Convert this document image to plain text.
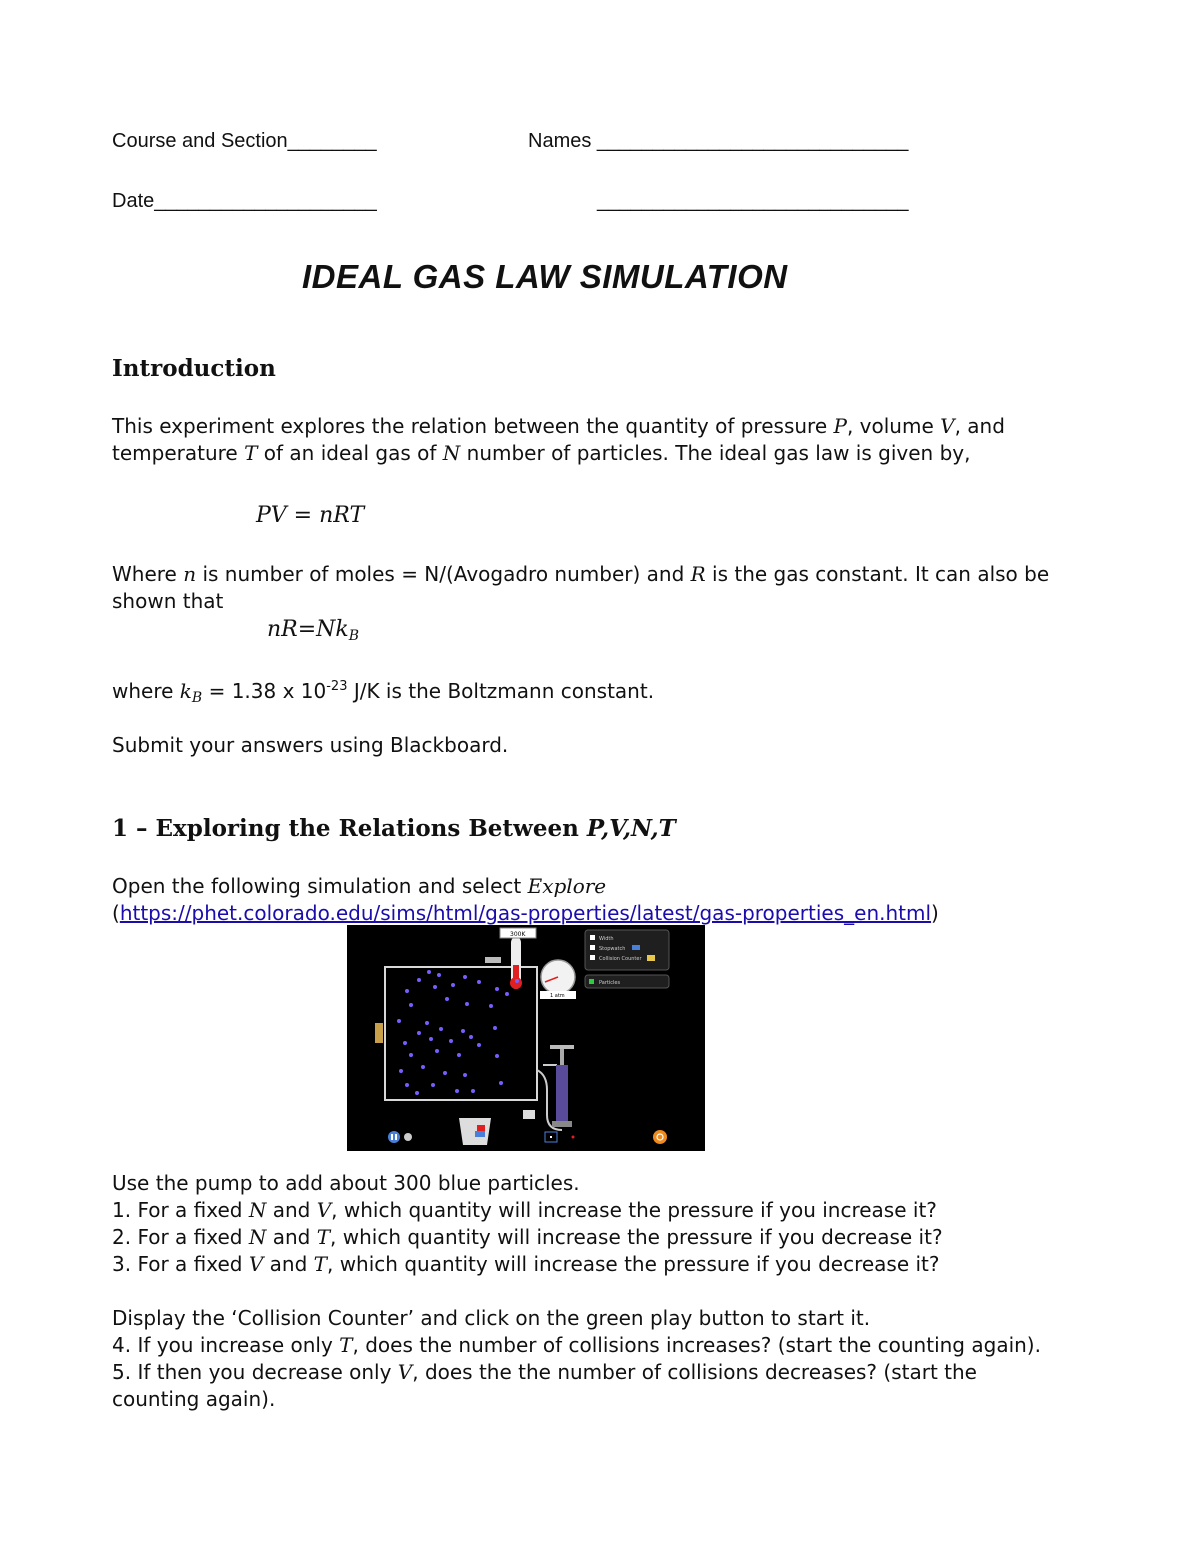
Course and Section________	Names ____________________________
Date____________________	____________________________
IDEAL GAS LAW SIMULATION
Introduction
This experiment explores the relation between the quantity of pressure P, volume V, and
temperature T of an ideal gas of N number of particles. The ideal gas law is given by,
PV = nRT
Where n is number of moles = N/(Avogadro number) and R is the gas constant. It can also be
shown that
$nR=Nk_B$
where $k_B = 1.38$ x $10^{-23}$ J/K is the Boltzmann constant.
Submit your answers using Blackboard.
1 – Exploring the Relations Between P,V,N,T
Open the following simulation and select Explore
(https://phet.colorado.edu/sims/html/gas-properties/latest/gas-properties_en.html)
300K
1 atm
Width
Stopwatch
Collision Counter
Particles
Use the pump to add about 300 blue particles.
1. For a fixed N and V, which quantity will increase the pressure if you increase it?
2. For a fixed N and T, which quantity will increase the pressure if you decrease it?
3. For a fixed V and T, which quantity will increase the pressure if you decrease it?
Display the ‘Collision Counter’ and click on the green play button to start it.
4. If you increase only T, does the number of collisions increases? (start the counting again).
5. If then you decrease only V, does the the number of collisions decreases? (start the
counting again).
